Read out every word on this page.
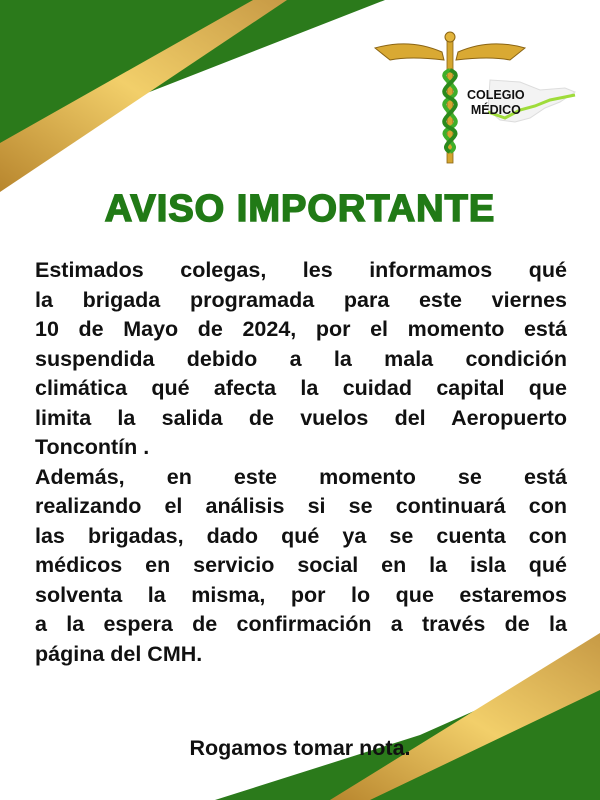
COLEGIO
MÉDICO
AVISO IMPORTANTE
Estimados colegas, les informamos qué
la brigada programada para este viernes
10 de Mayo de 2024, por el momento está
suspendida debido a la mala condición
climática qué afecta la cuidad capital que
limita la salida de vuelos del Aeropuerto
Toncontín .
Además, en este momento se está
realizando el análisis si se continuará con
las brigadas, dado qué ya se cuenta con
médicos en servicio social en la isla qué
solventa la misma, por lo que estaremos
a la espera de confirmación a través de la
página del CMH.
Rogamos tomar nota.
